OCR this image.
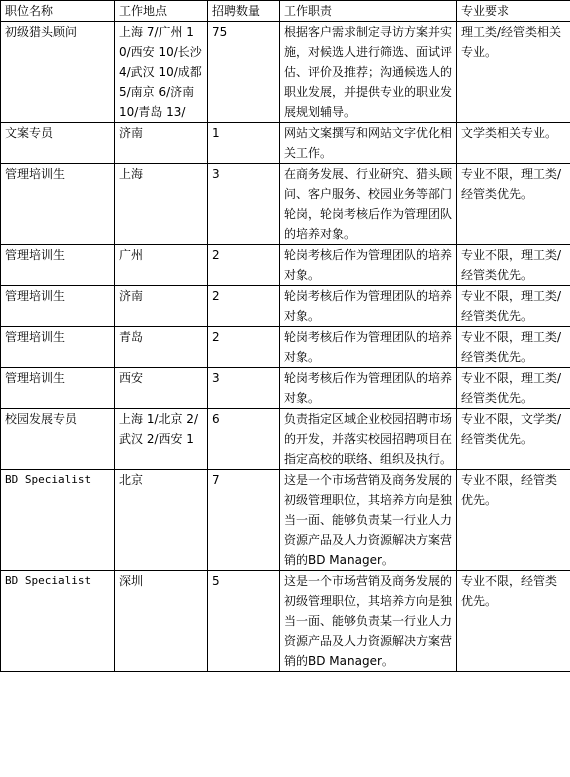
职位名称	工作地点	招聘数量	工作职责	专业要求
初级猎头顾问	上海 7/广州 10/西安 10/长沙 4/武汉 10/成都 5/南京 6/济南 10/青岛 13/	75	根据客户需求制定寻访方案并实施，对候选人进行筛选、面试评估、评价及推荐；沟通候选人的职业发展，并提供专业的职业发展规划辅导。	理工类/经管类相关专业。
文案专员	济南	1	网站文案撰写和网站文字优化相关工作。	文学类相关专业。
管理培训生	上海	3	在商务发展、行业研究、猎头顾问、客户服务、校园业务等部门轮岗，轮岗考核后作为管理团队的培养对象。	专业不限，理工类/经管类优先。
管理培训生	广州	2	轮岗考核后作为管理团队的培养对象。	专业不限，理工类/经管类优先。
管理培训生	济南	2	轮岗考核后作为管理团队的培养对象。	专业不限，理工类/经管类优先。
管理培训生	青岛	2	轮岗考核后作为管理团队的培养对象。	专业不限，理工类/经管类优先。
管理培训生	西安	3	轮岗考核后作为管理团队的培养对象。	专业不限，理工类/经管类优先。
校园发展专员	上海 1/北京 2/武汉 2/西安 1	6	负责指定区域企业校园招聘市场的开发，并落实校园招聘项目在指定高校的联络、组织及执行。	专业不限，文学类/经管类优先。
BD Specialist	北京	7	这是一个市场营销及商务发展的初级管理职位，其培养方向是独当一面、能够负责某一行业人力资源产品及人力资源解决方案营销的BD Manager。	专业不限，经管类优先。
BD Specialist	深圳	5	这是一个市场营销及商务发展的初级管理职位，其培养方向是独当一面、能够负责某一行业人力资源产品及人力资源解决方案营销的BD Manager。	专业不限，经管类优先。
